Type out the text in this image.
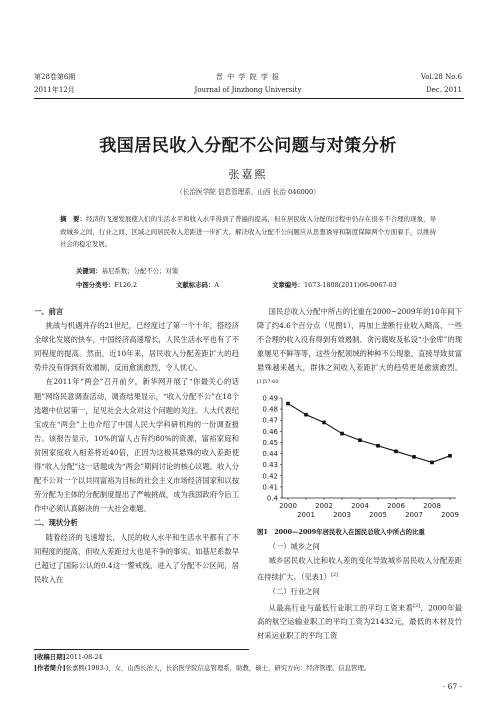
第28卷第6期
2011年12月
晋 中 学 院 学 报
Journal of Jinzhong University
Vol.28 No.6
Dec. 2011
我国居民收入分配不公问题与对策分析
张嘉熙
（长治医学院 信息管理系，山西 长治 046000）
摘　要：经济的飞速发展使人们的生活水平和收入水平得到了普遍的提高，但在居民收入分配的过程中仍存在很多不合理的现象，导致城乡之间、行业之间、区域之间居民收入差距进一步扩大。解决收入分配不公问题应从思想诱导和制度保障两个方面着手，以维持社会的稳定发展。
关键词：基尼系数；分配不公；对策
中图分类号：F126.2	文献标志码：A	文章编号：1673-1808(2011)06-0067-03
一、前言

挑战与机遇并存的21世纪，已经度过了第一个十年，搭经济全球化发展的快车，中国经济高速增长，人民生活水平也有了不同程度的提高。然而，近10年来，居民收入分配差距扩大的趋势并没有得到有效遏制，反而愈演愈烈，令人忧心。

在2011年“两会”召开前夕，新华网开展了“你最关心的话题”网络民意调查活动，调查结果显示，“收入分配不公”在18个选题中位居第一，足见社会大众对这个问题的关注。人大代表纪宝成在“两会”上也介绍了中国人民大学科研机构的一份调查报告。该报告显示，10%的富人占有约80%的资源，富裕家庭和贫困家庭收入相差将近40倍，正因为这极其悬殊的收入差距使得“收入分配”这一话题成为“两会”期间讨论的核心议题。收入分配不公对一个以共同富裕为目标的社会主义市场经济国家和以按劳分配为主体的分配制度提出了严峻挑战，成为我国政府今后工作中必须认真解决的一大社会难题。

二、现状分析

随着经济的飞速增长，人民的收入水平和生活水平都有了不同程度的提高，但收入差距过大也是不争的事实。如基尼系数早已超过了国际公认的0.4这一警戒线，进入了分配不公区间，居民收入在

国民总收入分配中所占的比重在2000~2009年的10年间下降了约4.6个百分点（见图1），再加上垄断行业收入畸高、一些不合理的收入没有得到有效遏制、贪污腐败及私设“小金库”的现象屡见不鲜等等，这些分配领域的种种不公现象，直接导致贫富悬殊越来越大，群体之间收入差距扩大的趋势更是愈演愈烈。$^{[1]57-60}$

0.49
0.48
0.47
0.46
0.45
0.44
0.43
0.42
0.41
0.4
2000	2002	2004	2006	2008
2001	2003	2005	2007	2009
图1　2000—2009年居民收入在国民总收入中所占的比重
（一）城乡之间

城乡居民收入比和收入差的变化导致城乡居民收入分配差距在持续扩大。（见表1）[2]

（二）行业之间

从最高行业与最低行业职工的平均工资来看[2]，2000年最高的航空运输业职工的平均工资为21432元，最低的木材及竹材采运业职工的平均工资

[收稿日期]2011-08-24
[作者简介]张嘉熙(1983-)，女，山西长治人，长治医学院信息管理系，助教，硕士，研究方向：经济管理、信息管理。
· 67 ·
